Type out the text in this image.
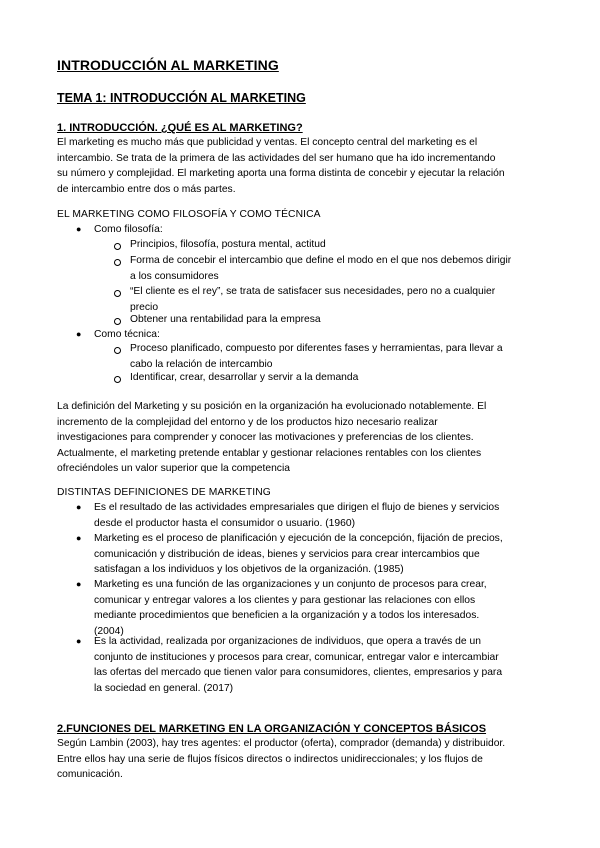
INTRODUCCIÓN AL MARKETING
TEMA 1: INTRODUCCIÓN AL MARKETING
1. INTRODUCCIÓN. ¿QUÉ ES AL MARKETING?
El marketing es mucho más que publicidad y ventas. El concepto central del marketing es el
intercambio. Se trata de la primera de las actividades del ser humano que ha ido incrementando
su número y complejidad. El marketing aporta una forma distinta de concebir y ejecutar la relación
de intercambio entre dos o más partes.
EL MARKETING COMO FILOSOFÍA Y COMO TÉCNICA
● Como filosofía:
Principios, filosofía, postura mental, actitud
Forma de concebir el intercambio que define el modo en el que nos debemos dirigir
a los consumidores
“El cliente es el rey”, se trata de satisfacer sus necesidades, pero no a cualquier
precio
Obtener una rentabilidad para la empresa
● Como técnica:
Proceso planificado, compuesto por diferentes fases y herramientas, para llevar a
cabo la relación de intercambio
Identificar, crear, desarrollar y servir a la demanda
La definición del Marketing y su posición en la organización ha evolucionado notablemente. El
incremento de la complejidad del entorno y de los productos hizo necesario realizar
investigaciones para comprender y conocer las motivaciones y preferencias de los clientes.
Actualmente, el marketing pretende entablar y gestionar relaciones rentables con los clientes
ofreciéndoles un valor superior que la competencia
DISTINTAS DEFINICIONES DE MARKETING
● Es el resultado de las actividades empresariales que dirigen el flujo de bienes y servicios
desde el productor hasta el consumidor o usuario. (1960)
● Marketing es el proceso de planificación y ejecución de la concepción, fijación de precios,
comunicación y distribución de ideas, bienes y servicios para crear intercambios que
satisfagan a los individuos y los objetivos de la organización. (1985)
● Marketing es una función de las organizaciones y un conjunto de procesos para crear,
comunicar y entregar valores a los clientes y para gestionar las relaciones con ellos
mediante procedimientos que beneficien a la organización y a todos los interesados.
(2004)
● Es la actividad, realizada por organizaciones de individuos, que opera a través de un
conjunto de instituciones y procesos para crear, comunicar, entregar valor e intercambiar
las ofertas del mercado que tienen valor para consumidores, clientes, empresarios y para
la sociedad en general. (2017)
2.FUNCIONES DEL MARKETING EN LA ORGANIZACIÓN Y CONCEPTOS BÁSICOS
Según Lambin (2003), hay tres agentes: el productor (oferta), comprador (demanda) y distribuidor.
Entre ellos hay una serie de flujos físicos directos o indirectos unidireccionales; y los flujos de
comunicación.
